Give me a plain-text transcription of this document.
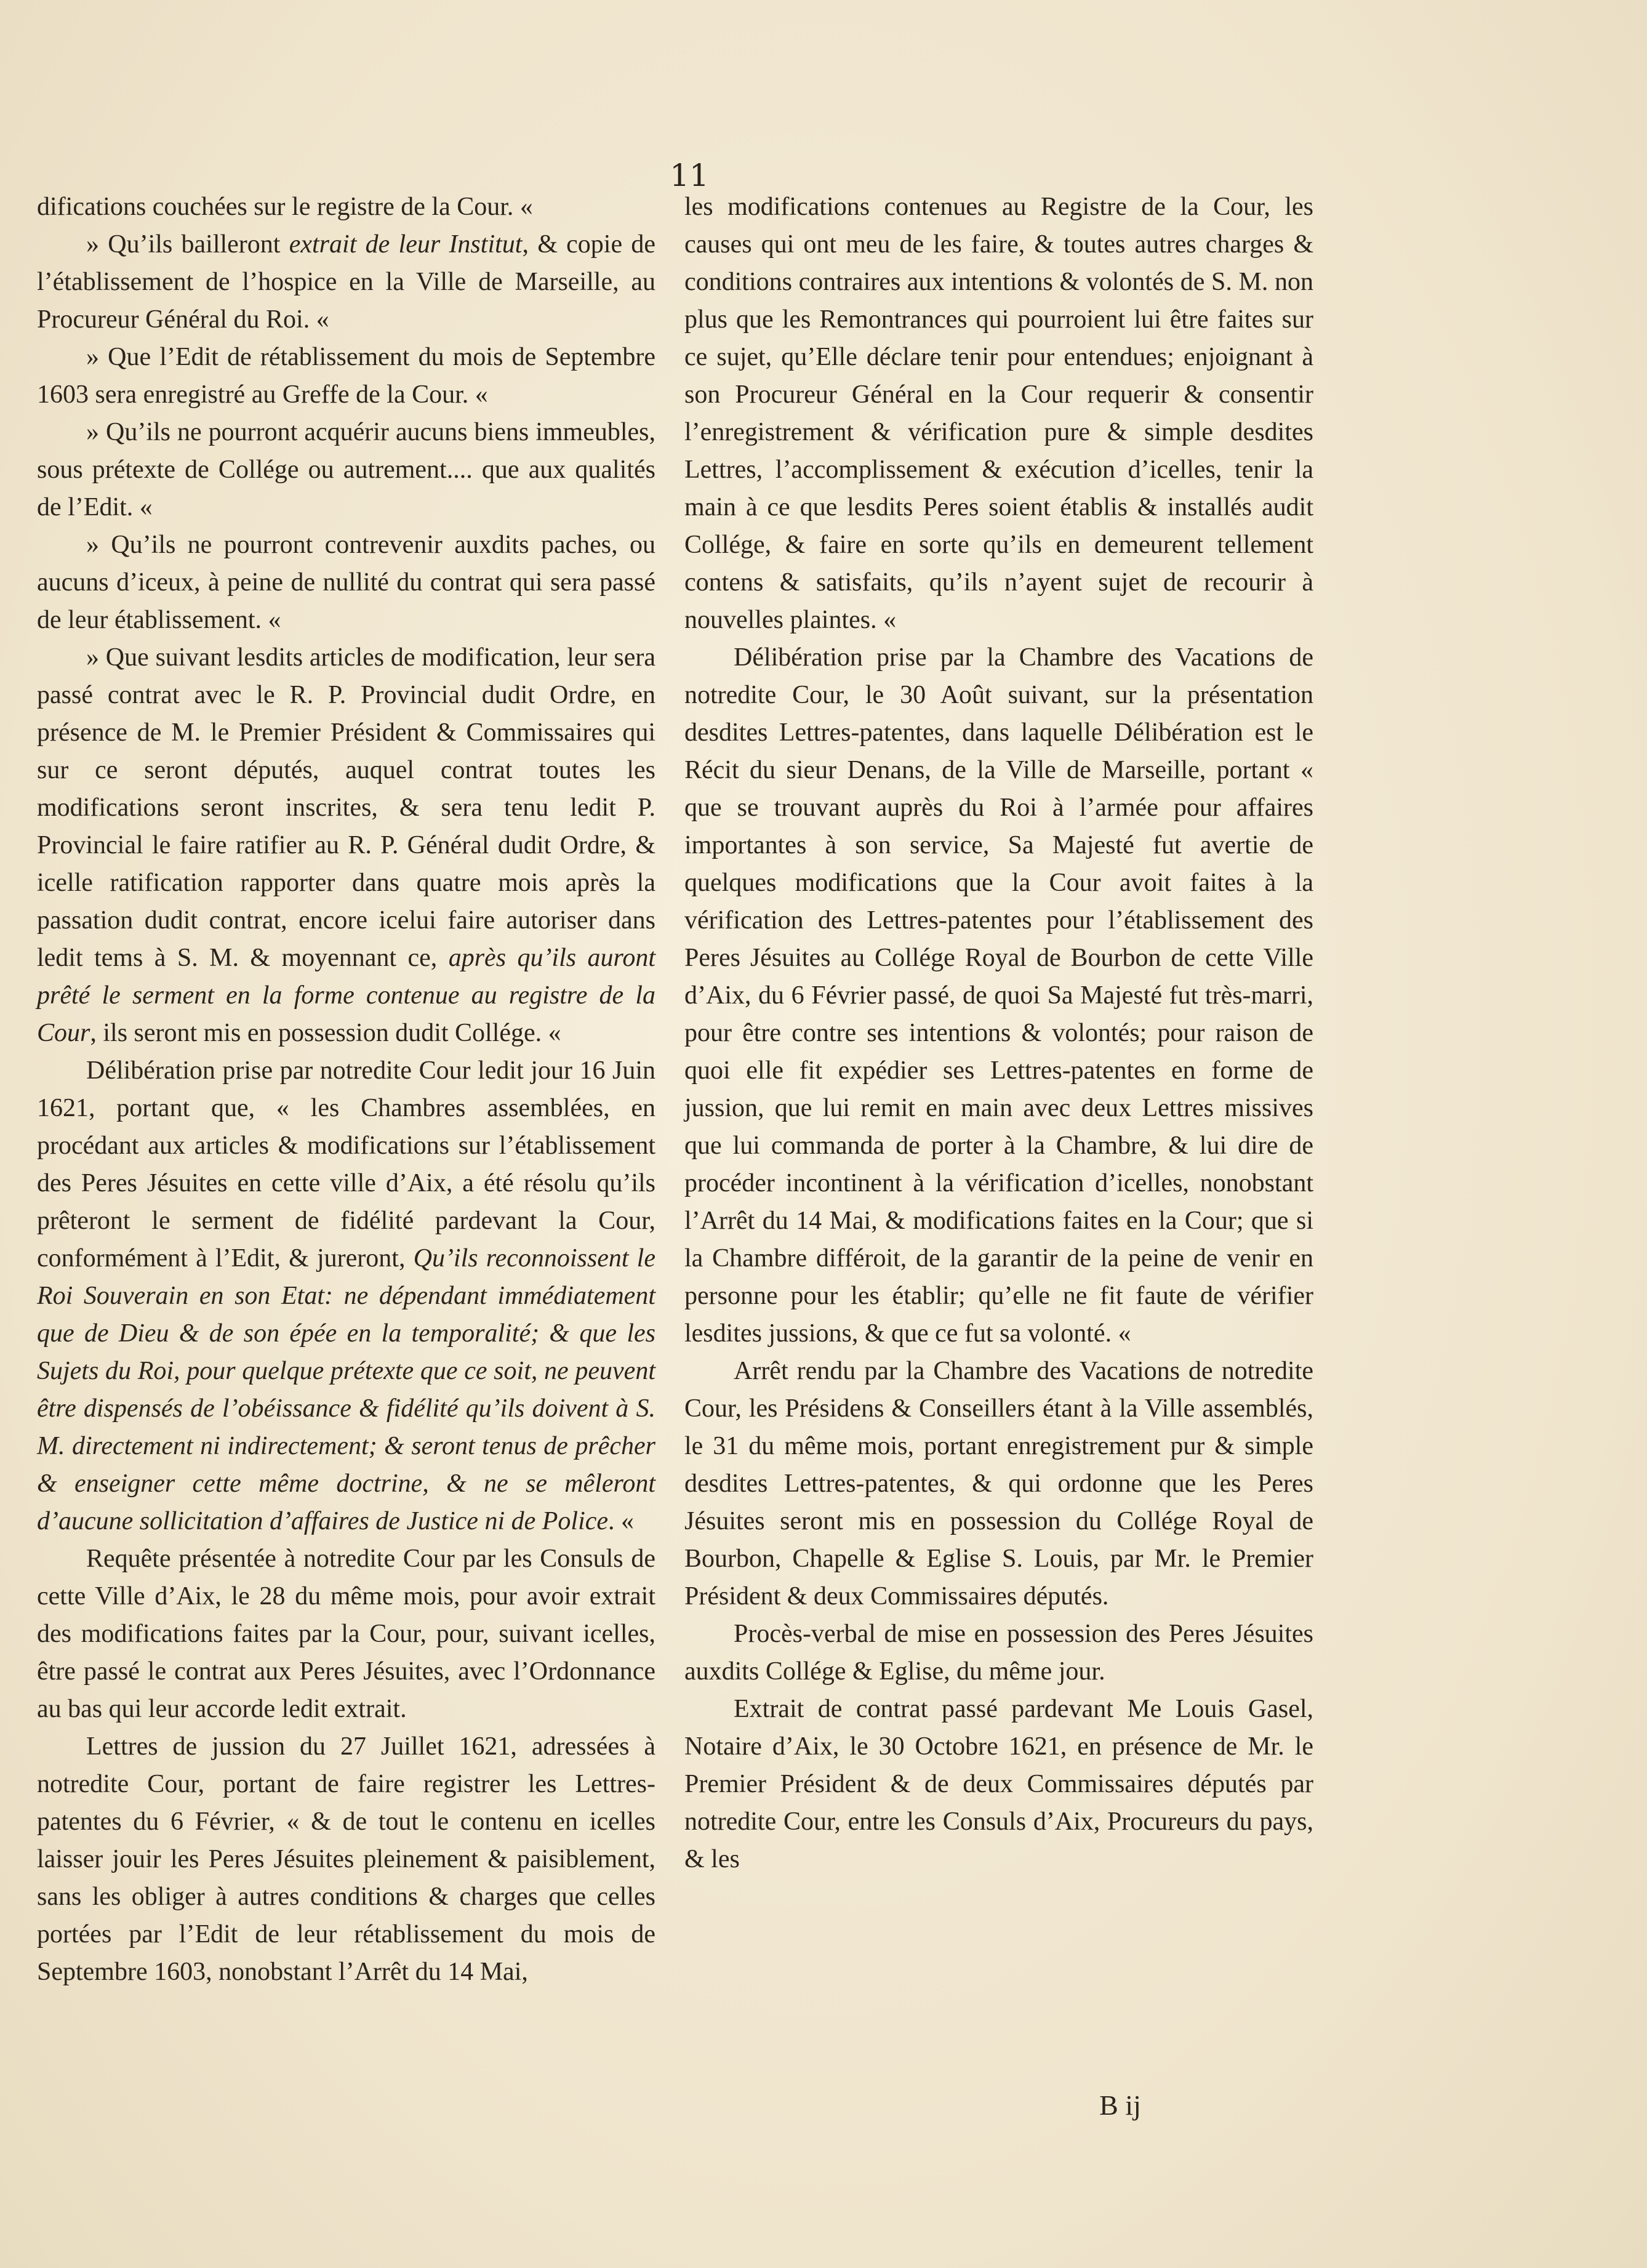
11

difications couchées sur le registre de la Cour. «

» Qu’ils bailleront extrait de leur Institut, & copie de l’établissement de l’hospice en la Ville de Marseille, au Procureur Général du Roi. «

» Que l’Edit de rétablissement du mois de Septembre 1603 sera enregistré au Greffe de la Cour. «

» Qu’ils ne pourront acquérir aucuns biens immeubles, sous prétexte de Collége ou autrement.... que aux qualités de l’Edit. «

» Qu’ils ne pourront contrevenir auxdits paches, ou aucuns d’iceux, à peine de nullité du contrat qui sera passé de leur établissement. «

» Que suivant lesdits articles de modification, leur sera passé contrat avec le R. P. Provincial dudit Ordre, en présence de M. le Premier Président & Commissaires qui sur ce seront députés, auquel contrat toutes les modifications seront inscrites, & sera tenu ledit P. Provincial le faire ratifier au R. P. Général dudit Ordre, & icelle ratification rapporter dans quatre mois après la passation dudit contrat, encore icelui faire autoriser dans ledit tems à S. M. & moyennant ce, après qu’ils auront prêté le serment en la forme contenue au registre de la Cour, ils seront mis en possession dudit Collége. «

Délibération prise par notredite Cour ledit jour 16 Juin 1621, portant que, « les Chambres assemblées, en procédant aux articles & modifications sur l’établissement des Peres Jésuites en cette ville d’Aix, a été résolu qu’ils prêteront le serment de fidélité pardevant la Cour, conformément à l’Edit, & jureront, Qu’ils reconnoissent le Roi Souverain en son Etat: ne dépendant immédiatement que de Dieu & de son épée en la temporalité; & que les Sujets du Roi, pour quelque prétexte que ce soit, ne peuvent être dispensés de l’obéissance & fidélité qu’ils doivent à S. M. directement ni indirectement; & seront tenus de prêcher & enseigner cette même doctrine, & ne se mêleront d’aucune sollicitation d’affaires de Justice ni de Police. «

Requête présentée à notredite Cour par les Consuls de cette Ville d’Aix, le 28 du même mois, pour avoir extrait des modifications faites par la Cour, pour, suivant icelles, être passé le contrat aux Peres Jésuites, avec l’Ordonnance au bas qui leur accorde ledit extrait.

Lettres de jussion du 27 Juillet 1621, adressées à notredite Cour, portant de faire registrer les Lettres-patentes du 6 Février, « & de tout le contenu en icelles laisser jouir les Peres Jésuites pleinement & paisiblement, sans les obliger à autres conditions & charges que celles portées par l’Edit de leur rétablissement du mois de Septembre 1603, nonobstant l’Arrêt du 14 Mai,

les modifications contenues au Registre de la Cour, les causes qui ont meu de les faire, & toutes autres charges & conditions contraires aux intentions & volontés de S. M. non plus que les Remontrances qui pourroient lui être faites sur ce sujet, qu’Elle déclare tenir pour entendues; enjoignant à son Procureur Général en la Cour requerir & consentir l’enregistrement & vérification pure & simple desdites Lettres, l’accomplissement & exécution d’icelles, tenir la main à ce que lesdits Peres soient établis & installés audit Collége, & faire en sorte qu’ils en demeurent tellement contens & satisfaits, qu’ils n’ayent sujet de recourir à nouvelles plaintes. «

Délibération prise par la Chambre des Vacations de notredite Cour, le 30 Août suivant, sur la présentation desdites Lettres-patentes, dans laquelle Délibération est le Récit du sieur Denans, de la Ville de Marseille, portant « que se trouvant auprès du Roi à l’armée pour affaires importantes à son service, Sa Majesté fut avertie de quelques modifications que la Cour avoit faites à la vérification des Lettres-patentes pour l’établissement des Peres Jésuites au Collége Royal de Bourbon de cette Ville d’Aix, du 6 Février passé, de quoi Sa Majesté fut très-marri, pour être contre ses intentions & volontés; pour raison de quoi elle fit expédier ses Lettres-patentes en forme de jussion, que lui remit en main avec deux Lettres missives que lui commanda de porter à la Chambre, & lui dire de procéder incontinent à la vérification d’icelles, nonobstant l’Arrêt du 14 Mai, & modifications faites en la Cour; que si la Chambre différoit, de la garantir de la peine de venir en personne pour les établir; qu’elle ne fit faute de vérifier lesdites jussions, & que ce fut sa volonté. «

Arrêt rendu par la Chambre des Vacations de notredite Cour, les Présidens & Conseillers étant à la Ville assemblés, le 31 du même mois, portant enregistrement pur & simple desdites Lettres-patentes, & qui ordonne que les Peres Jésuites seront mis en possession du Collége Royal de Bourbon, Chapelle & Eglise S. Louis, par Mr. le Premier Président & deux Commissaires députés.

Procès-verbal de mise en possession des Peres Jésuites auxdits Collége & Eglise, du même jour.

Extrait de contrat passé pardevant Me Louis Gasel, Notaire d’Aix, le 30 Octobre 1621, en présence de Mr. le Premier Président & de deux Commissaires députés par notredite Cour, entre les Consuls d’Aix, Procureurs du pays, & les

B ij
